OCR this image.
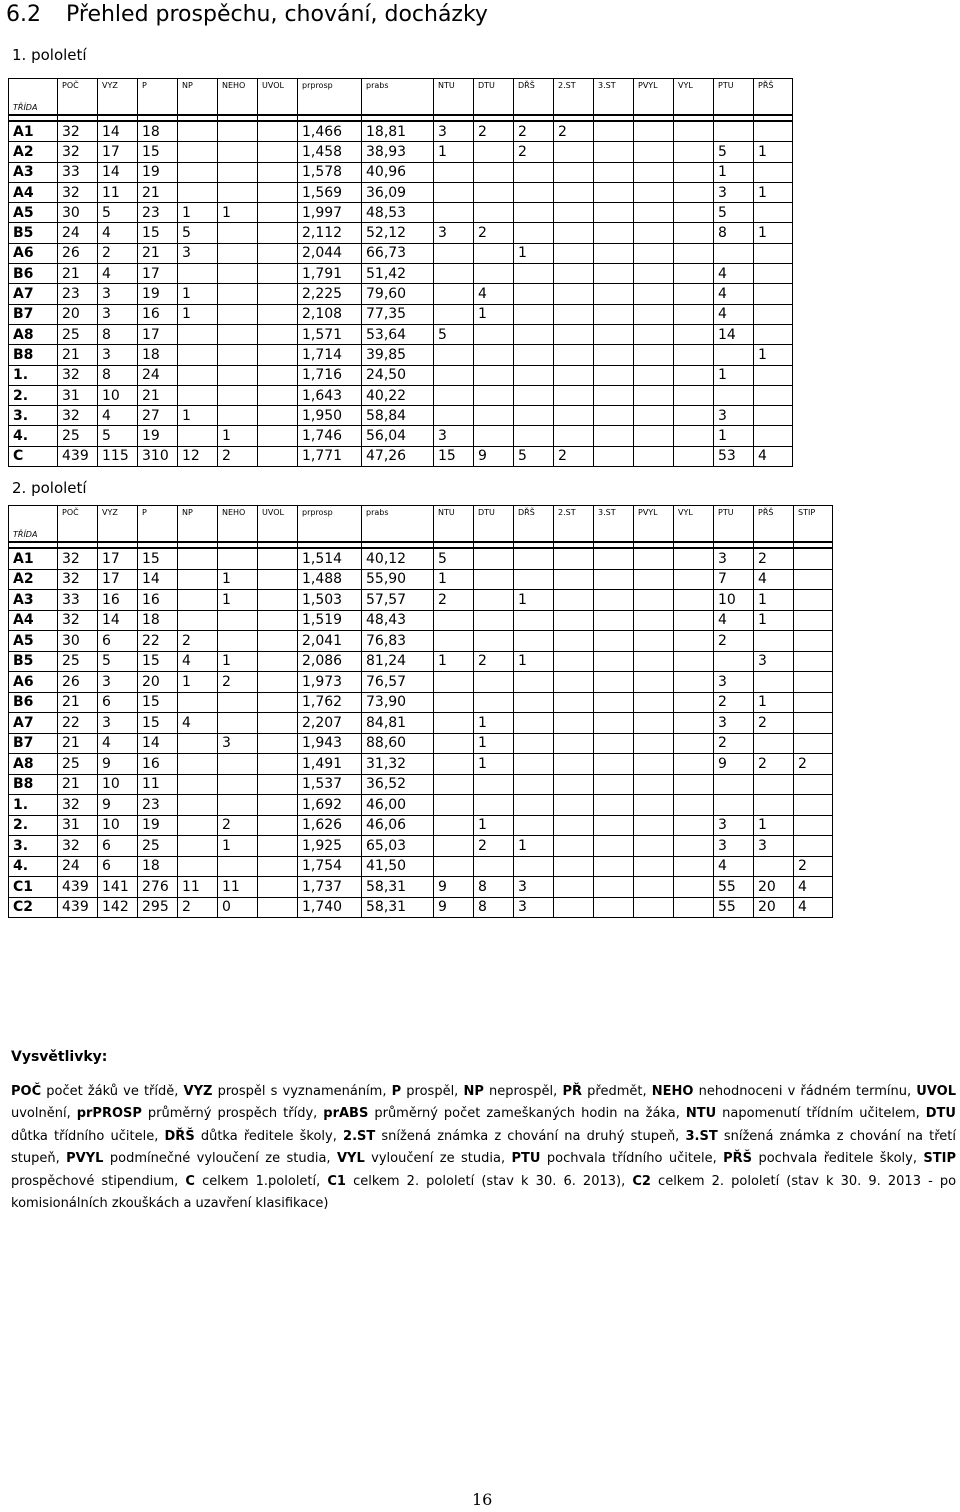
6.2 Přehled prospěchu, chování, docházky
1. pololetí
TŘÍDA	POČ	VYZ	P	NP	NEHO	UVOL	prprosp	prabs	NTU	DTU	DŘŠ	2.ST	3.ST	PVYL	VYL	PTU	PŘŠ

A1	32	14	18				1,466	18,81	3	2	2	2					
A2	32	17	15				1,458	38,93	1		2					5	1
A3	33	14	19				1,578	40,96								1	
A4	32	11	21				1,569	36,09								3	1
A5	30	5	23	1	1		1,997	48,53								5	
B5	24	4	15	5			2,112	52,12	3	2						8	1
A6	26	2	21	3			2,044	66,73			1						
B6	21	4	17				1,791	51,42								4	
A7	23	3	19	1			2,225	79,60		4						4	
B7	20	3	16	1			2,108	77,35		1						4	
A8	25	8	17				1,571	53,64	5							14	
B8	21	3	18				1,714	39,85									1
1.	32	8	24				1,716	24,50								1	
2.	31	10	21				1,643	40,22									
3.	32	4	27	1			1,950	58,84								3	
4.	25	5	19		1		1,746	56,04	3							1	
C	439	115	310	12	2		1,771	47,26	15	9	5	2				53	4
2. pololetí
TŘÍDA	POČ	VYZ	P	NP	NEHO	UVOL	prprosp	prabs	NTU	DTU	DŘŠ	2.ST	3.ST	PVYL	VYL	PTU	PŘŠ	STIP

A1	32	17	15				1,514	40,12	5							3	2	
A2	32	17	14		1		1,488	55,90	1							7	4	
A3	33	16	16		1		1,503	57,57	2		1					10	1	
A4	32	14	18				1,519	48,43								4	1	
A5	30	6	22	2			2,041	76,83								2		
B5	25	5	15	4	1		2,086	81,24	1	2	1						3	
A6	26	3	20	1	2		1,973	76,57								3		
B6	21	6	15				1,762	73,90								2	1	
A7	22	3	15	4			2,207	84,81		1						3	2	
B7	21	4	14		3		1,943	88,60		1						2		
A8	25	9	16				1,491	31,32		1						9	2	2
B8	21	10	11				1,537	36,52										
1.	32	9	23				1,692	46,00										
2.	31	10	19		2		1,626	46,06		1						3	1	
3.	32	6	25		1		1,925	65,03		2	1					3	3	
4.	24	6	18				1,754	41,50								4		2
C1	439	141	276	11	11		1,737	58,31	9	8	3					55	20	4
C2	439	142	295	2	0		1,740	58,31	9	8	3					55	20	4
Vysvětlivky:
POČ počet žáků ve třídě, VYZ prospěl s vyznamenáním, P prospěl, NP neprospěl, PŘ předmět, NEHO nehodnoceni v řádném termínu, UVOL uvolnění, prPROSP průměrný prospěch třídy, prABS průměrný počet zameškaných hodin na žáka, NTU napomenutí třídním učitelem, DTU důtka třídního učitele, DŘŠ důtka ředitele školy, 2.ST snížená známka z chování na druhý stupeň, 3.ST snížená známka z chování na třetí stupeň, PVYL podmínečné vyloučení ze studia, VYL vyloučení ze studia, PTU pochvala třídního učitele, PŘŠ pochvala ředitele školy, STIP prospěchové stipendium, C celkem 1.pololetí, C1 celkem 2. pololetí (stav k 30. 6. 2013), C2 celkem 2. pololetí (stav k 30. 9. 2013 - po komisionálních zkouškách a uzavření klasifikace)
16
